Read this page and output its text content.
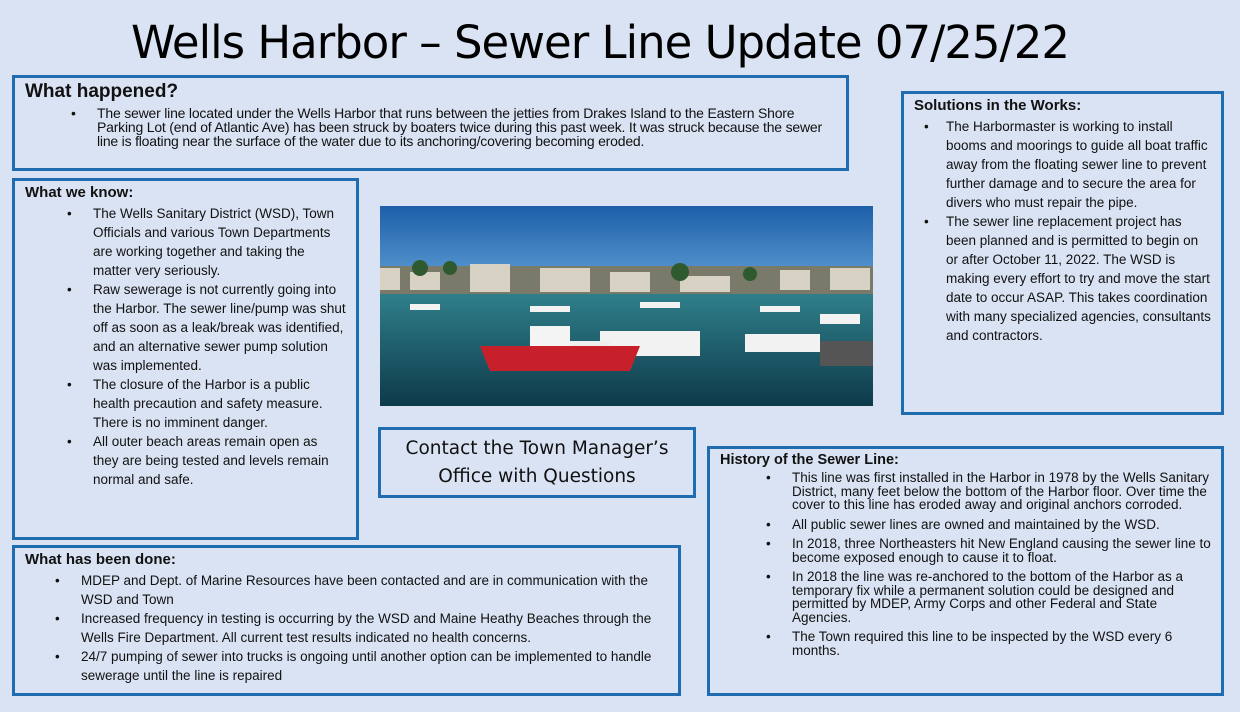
Wells Harbor – Sewer Line Update 07/25/22
What happened?
• The sewer line located under the Wells Harbor that runs between the jetties from Drakes Island to the Eastern Shore Parking Lot (end of Atlantic Ave) has been struck by boaters twice during this past week. It was struck because the sewer line is floating near the surface of the water due to its anchoring/covering becoming eroded.
What we know:
• The Wells Sanitary District (WSD), Town Officials and various Town Departments are working together and taking the matter very seriously.
• Raw sewerage is not currently going into the Harbor. The sewer line/pump was shut off as soon as a leak/break was identified, and an alternative sewer pump solution was implemented.
• The closure of the Harbor is a public health precaution and safety measure. There is no imminent danger.
• All outer beach areas remain open as they are being tested and levels remain normal and safe.
Contact the Town Manager’s Office with Questions
Solutions in the Works:
• The Harbormaster is working to install booms and moorings to guide all boat traffic away from the floating sewer line to prevent further damage and to secure the area for divers who must repair the pipe.
• The sewer line replacement project has been planned and is permitted to begin on or after October 11, 2022. The WSD is making every effort to try and move the start date to occur ASAP. This takes coordination with many specialized agencies, consultants and contractors.
History of the Sewer Line:
• This line was first installed in the Harbor in 1978 by the Wells Sanitary District, many feet below the bottom of the Harbor floor. Over time the cover to this line has eroded away and original anchors corroded.
• All public sewer lines are owned and maintained by the WSD.
• In 2018, three Northeasters hit New England causing the sewer line to become exposed enough to cause it to float.
• In 2018 the line was re-anchored to the bottom of the Harbor as a temporary fix while a permanent solution could be designed and permitted by MDEP, Army Corps and other Federal and State Agencies.
• The Town required this line to be inspected by the WSD every 6 months.
What has been done:
• MDEP and Dept. of Marine Resources have been contacted and are in communication with the WSD and Town
• Increased frequency in testing is occurring by the WSD and Maine Heathy Beaches through the Wells Fire Department. All current test results indicated no health concerns.
• 24/7 pumping of sewer into trucks is ongoing until another option can be implemented to handle sewerage until the line is repaired
